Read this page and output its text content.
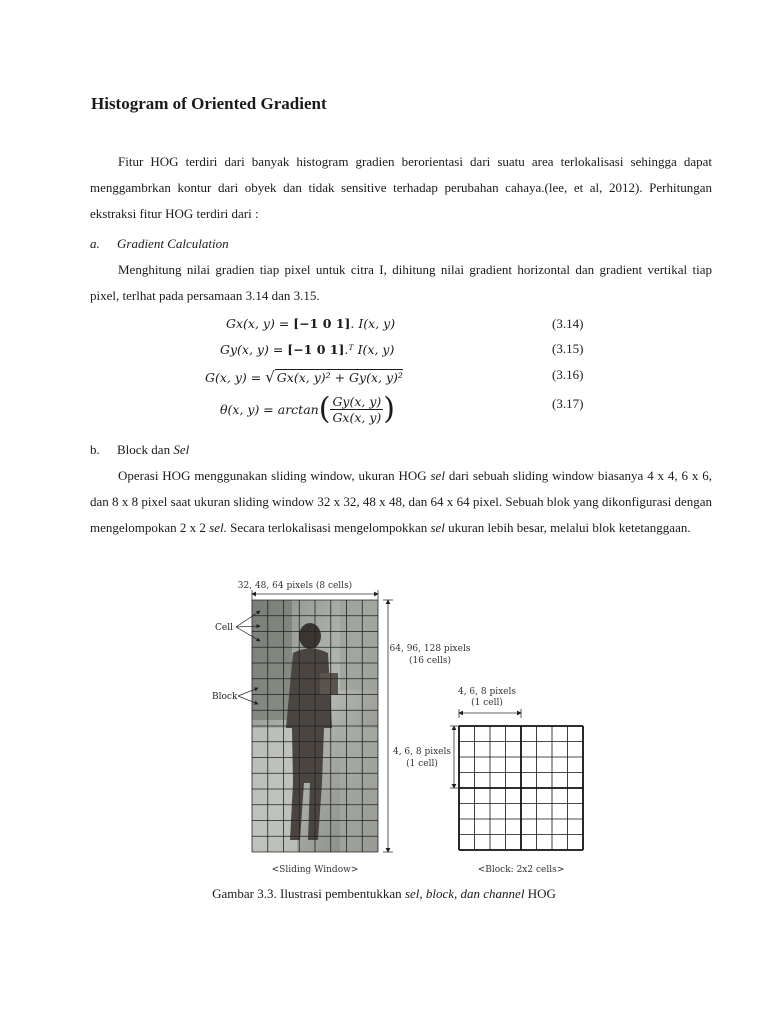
Histogram of Oriented Gradient

Fitur HOG terdiri dari banyak histogram gradien berorientasi dari suatu area terlokalisasi sehingga dapat menggambrkan kontur dari obyek dan tidak sensitive terhadap perubahan cahaya.(lee, et al, 2012). Perhitungan ekstraksi fitur HOG terdiri dari :

a. Gradient Calculation

Menghitung nilai gradien tiap pixel untuk citra I, dihitung nilai gradient horizontal dan gradient vertikal tiap pixel, terlhat pada persamaan 3.14 dan 3.15.

Gx(x, y) = [−1 0 1]. I(x, y)	(3.14)
Gy(x, y) = [−1 0 1].ᵀ I(x, y)	(3.15)
G(x, y) = √ Gx(x, y)² + Gy(x, y)²	(3.16)
θ(x, $y) = \arctan( \frac{Gy(x, y)}{Gx(x, y)}$ )	(3.17)
b. Block dan Sel

Operasi HOG menggunakan sliding window, ukuran HOG sel dari sebuah sliding window biasanya 4 x 4, 6 x 6, dan 8 x 8 pixel saat ukuran sliding window 32 x 32, 48 x 48, dan 64 x 64 pixel. Sebuah blok yang dikonfigurasi dengan mengelompokan 2 x 2 sel. Secara terlokalisasi mengelompokkan sel ukuran lebih besar, melalui blok ketetanggaan.

32, 48, 64 pixels (8 cells)
Cell
Block
64, 96, 128 pixels
(16 cells)
4, 6, 8 pixels
(1 cell)
4, 6, 8 pixels
(1 cell)
<Sliding Window>	<Block: 2x2 cells>
Gambar 3.3. Ilustrasi pembentukkan sel, block, dan channel HOG
